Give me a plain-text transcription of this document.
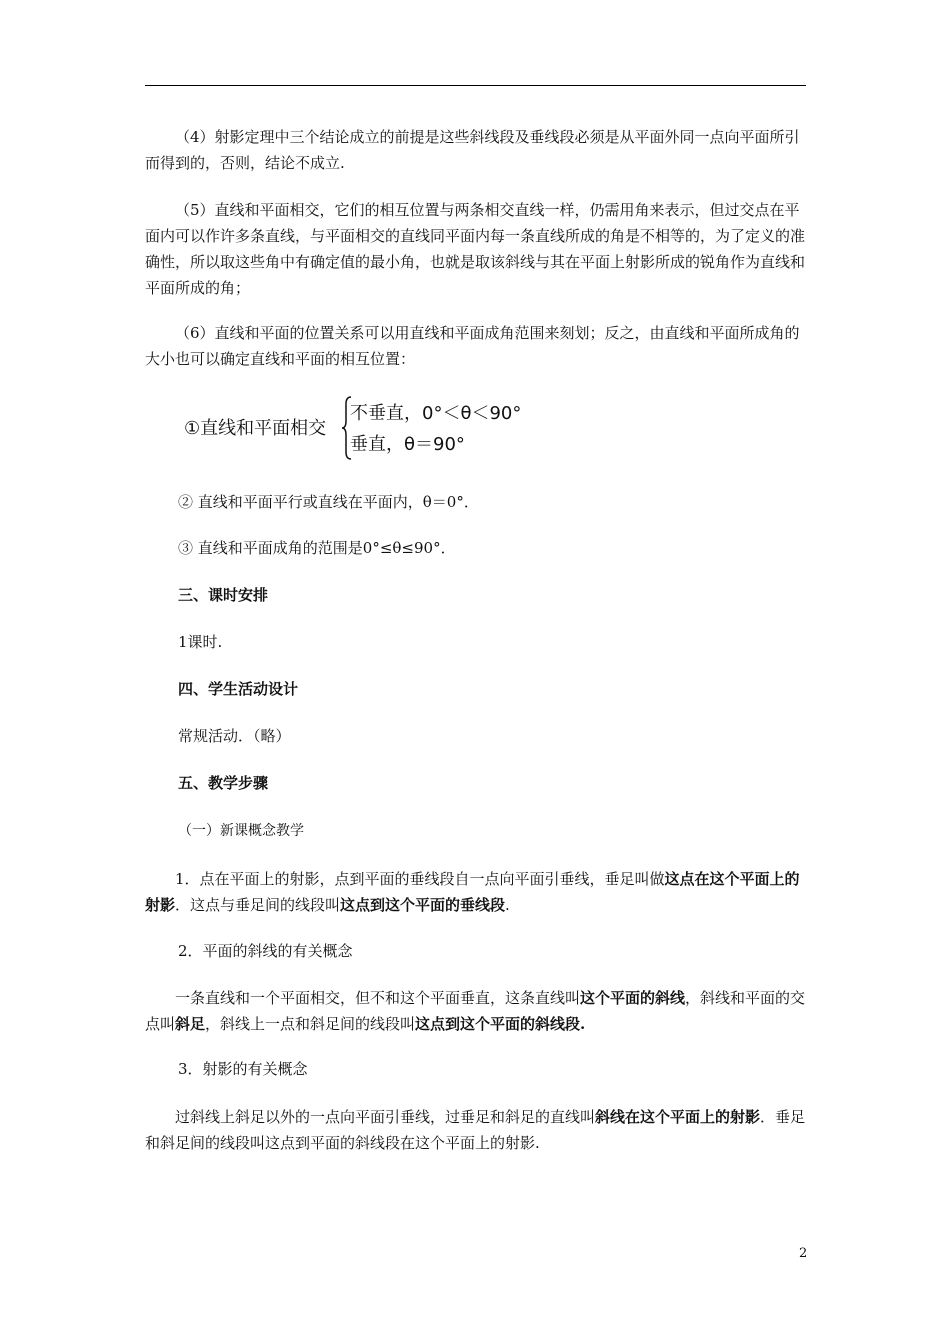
（4）射影定理中三个结论成立的前提是这些斜线段及垂线段必须是从平面外同一点向平面所引而得到的，否则，结论不成立.

（5）直线和平面相交，它们的相互位置与两条相交直线一样，仍需用角来表示，但过交点在平面内可以作许多条直线，与平面相交的直线同平面内每一条直线所成的角是不相等的，为了定义的准确性，所以取这些角中有确定值的最小角，也就是取该斜线与其在平面上射影所成的锐角作为直线和平面所成的角；

（6）直线和平面的位置关系可以用直线和平面成角范围来刻划；反之，由直线和平面所成角的大小也可以确定直线和平面的相互位置：

①直线和平面相交
不垂直，0°＜θ＜90°
垂直，θ＝90°
② 直线和平面平行或直线在平面内，θ＝0°．
③ 直线和平面成角的范围是0°≤θ≤90°．
三、课时安排
1课时.
四、学生活动设计
常规活动．（略）
五、教学步骤
（一）新课概念教学

1．点在平面上的射影，点到平面的垂线段自一点向平面引垂线，垂足叫做这点在这个平面上的射影．这点与垂足间的线段叫这点到这个平面的垂线段.

2．平面的斜线的有关概念

一条直线和一个平面相交，但不和这个平面垂直，这条直线叫这个平面的斜线，斜线和平面的交点叫斜足，斜线上一点和斜足间的线段叫这点到这个平面的斜线段.

3．射影的有关概念

过斜线上斜足以外的一点向平面引垂线，过垂足和斜足的直线叫斜线在这个平面上的射影．垂足和斜足间的线段叫这点到平面的斜线段在这个平面上的射影.

2
